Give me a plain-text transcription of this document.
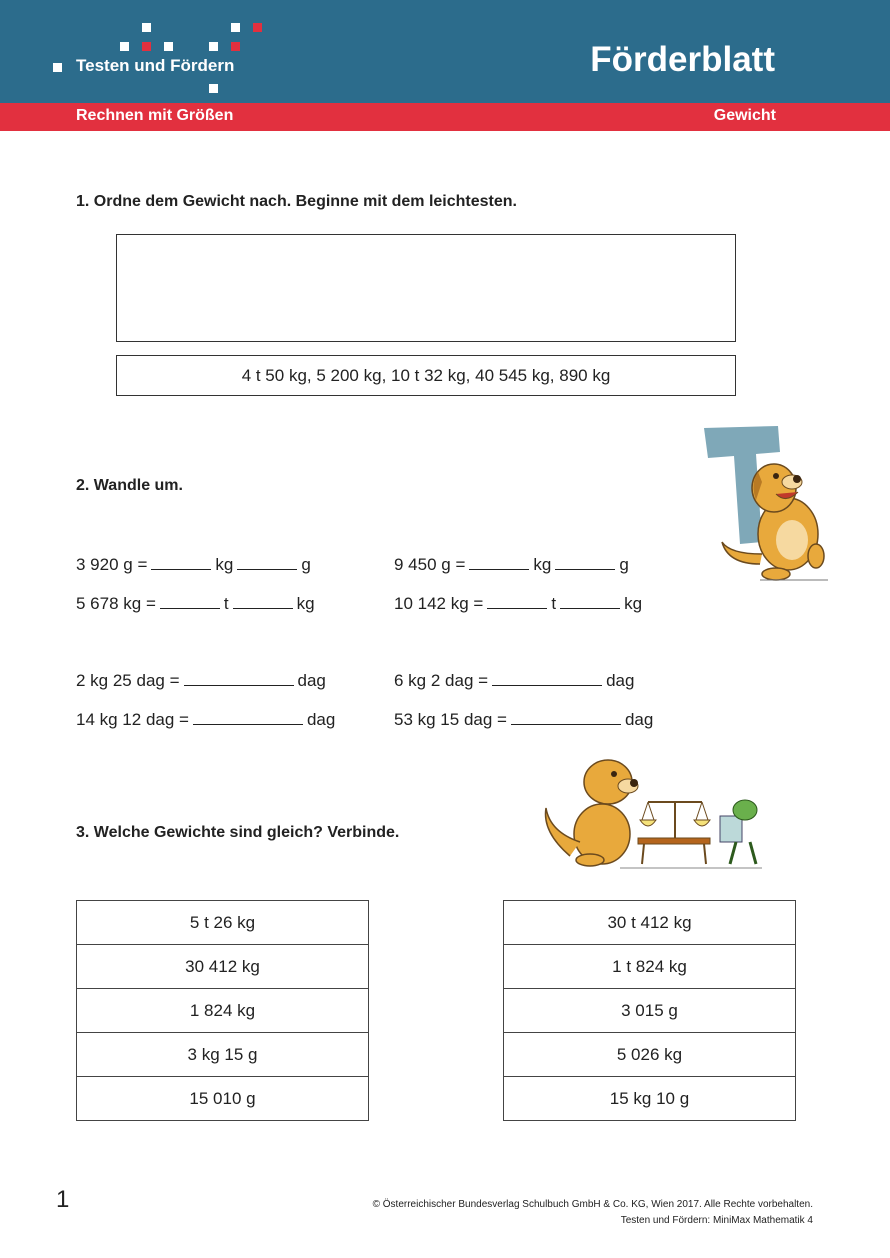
Testen und Fördern	Förderblatt
Rechnen mit Größen	Gewicht
1. Ordne dem Gewicht nach. Beginne mit dem leichtesten.
4 t 50 kg, 5 200 kg, 10 t 32 kg, 40 545 kg, 890 kg
2. Wandle um.
3 920 g =	kg	g	9 450 g =	kg	g
5 678 kg =	t	kg	10 142 kg =	t	kg
2 kg 25 dag =	dag	6 kg 2 dag =	dag
14 kg 12 dag =	dag	53 kg 15 dag =	dag
3. Welche Gewichte sind gleich? Verbinde.
5 t 26 kg
30 412 kg
1 824 kg
3 kg 15 g
15 010 g
30 t 412 kg
1 t 824 kg
3 015 g
5 026 kg
15 kg 10 g
1	© Österreichischer Bundesverlag Schulbuch GmbH & Co. KG, Wien 2017. Alle Rechte vorbehalten.
Testen und Fördern: MiniMax Mathematik 4
